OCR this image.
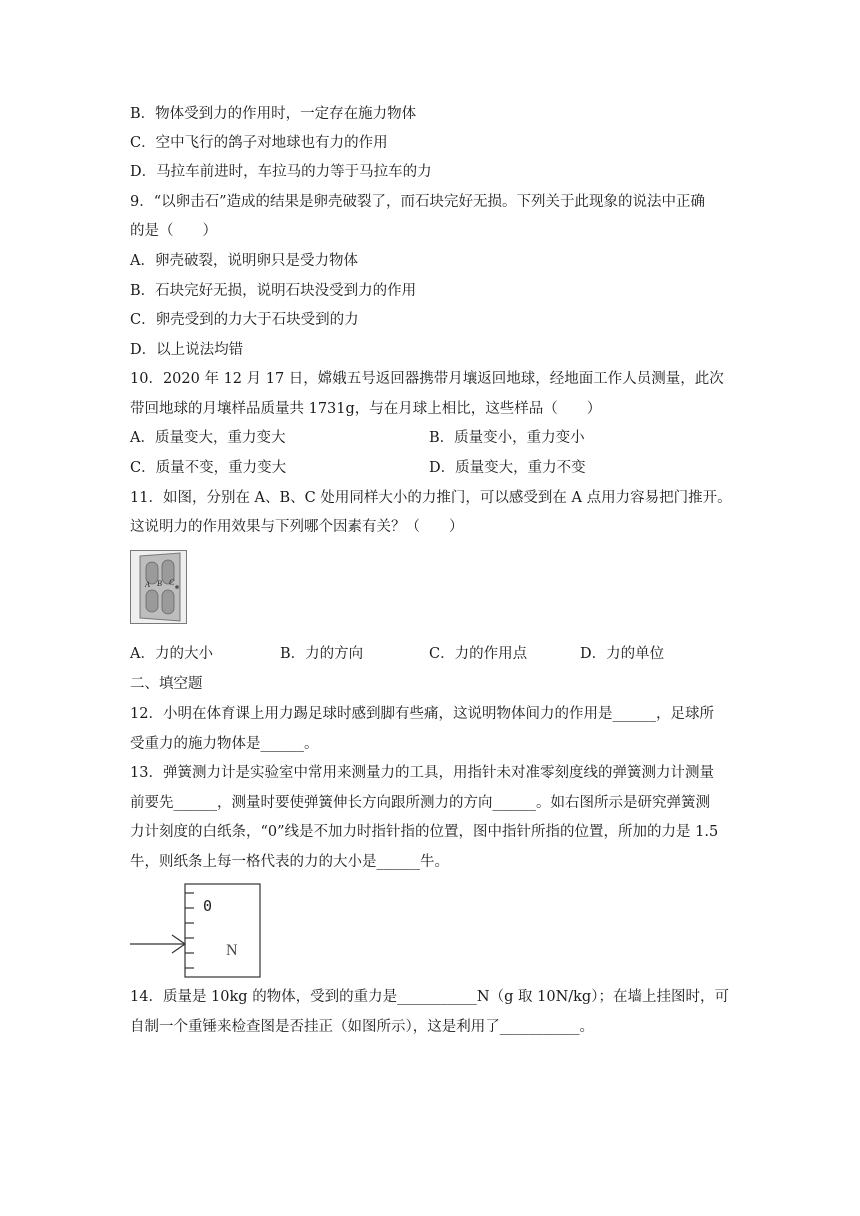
B．物体受到力的作用时，一定存在施力物体
C．空中飞行的鸽子对地球也有力的作用
D．马拉车前进时，车拉马的力等于马拉车的力
9．“以卵击石”造成的结果是卵壳破裂了，而石块完好无损。下列关于此现象的说法中正确
的是（　　）
A．卵壳破裂，说明卵只是受力物体
B．石块完好无损，说明石块没受到力的作用
C．卵壳受到的力大于石块受到的力
D．以上说法均错
10．2020 年 12 月 17 日，嫦娥五号返回器携带月壤返回地球，经地面工作人员测量，此次
带回地球的月壤样品质量共 1731g，与在月球上相比，这些样品（　　）
A．质量变大，重力变大	B．质量变小，重力变小
C．质量不变，重力变大	D．质量变大，重力不变
11．如图，分别在 A、B、C 处用同样大小的力推门，可以感受到在 A 点用力容易把门推开。
这说明力的作用效果与下列哪个因素有关？（　　）
A B C
A．力的大小	B．力的方向	C．力的作用点	D．力的单位
二、填空题
12．小明在体育课上用力踢足球时感到脚有些痛，这说明物体间力的作用是______，足球所
受重力的施力物体是______。
13．弹簧测力计是实验室中常用来测量力的工具，用指针未对准零刻度线的弹簧测力计测量
前要先______，测量时要使弹簧伸长方向跟所测力的方向______。如右图所示是研究弹簧测
力计刻度的白纸条，“0”线是不加力时指针指的位置，图中指针所指的位置，所加的力是 1.5
牛，则纸条上每一格代表的力的大小是______牛。
0
N
14．质量是 10kg 的物体，受到的重力是___________N（g 取 10N/kg）；在墙上挂图时，可
自制一个重锤来检查图是否挂正（如图所示），这是利用了___________。
